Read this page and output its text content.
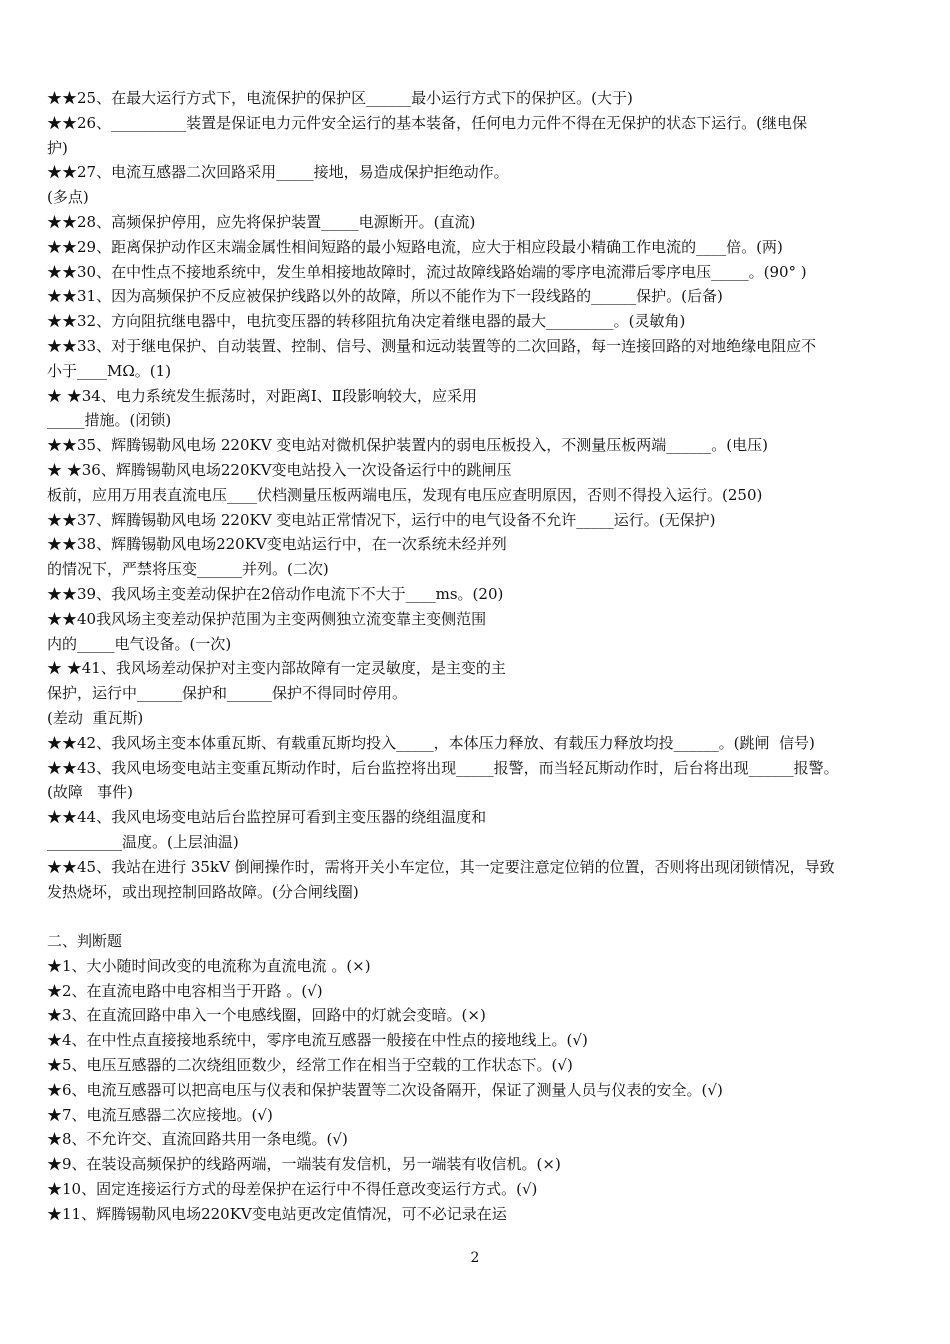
★★25、在最大运行方式下，电流保护的保护区______最小运行方式下的保护区。(大于)
★★26、__________装置是保证电力元件安全运行的基本装备，任何电力元件不得在无保护的状态下运行。(继电保
护)
★★27、电流互感器二次回路采用_____接地，易造成保护拒绝动作。
(多点)
★★28、高频保护停用，应先将保护装置_____电源断开。(直流)
★★29、距离保护动作区末端金属性相间短路的最小短路电流，应大于相应段最小精确工作电流的____倍。(两)
★★30、在中性点不接地系统中，发生单相接地故障时，流过故障线路始端的零序电流滞后零序电压_____。(90° )
★★31、因为高频保护不反应被保护线路以外的故障，所以不能作为下一段线路的______保护。(后备)
★★32、方向阻抗继电器中，电抗变压器的转移阻抗角决定着继电器的最大_________。(灵敏角)
★★33、对于继电保护、自动装置、控制、信号、测量和远动装置等的二次回路，每一连接回路的对地绝缘电阻应不
小于____MΩ。(1)
★ ★34、电力系统发生振荡时，对距离Ⅰ、Ⅱ段影响较大，应采用
_____措施。(闭锁)
★★35、辉腾锡勒风电场 220KV 变电站对微机保护装置内的弱电压板投入，不测量压板两端______。(电压)
★ ★36、辉腾锡勒风电场220KV变电站投入一次设备运行中的跳闸压
板前，应用万用表直流电压____伏档测量压板两端电压，发现有电压应查明原因，否则不得投入运行。(250)
★★37、辉腾锡勒风电场 220KV 变电站正常情况下，运行中的电气设备不允许_____运行。(无保护)
★★38、辉腾锡勒风电场220KV变电站运行中，在一次系统未经并列
的情况下，严禁将压变______并列。(二次)
★★39、我风场主变差动保护在2倍动作电流下不大于____ms。(20)
★★40我风场主变差动保护范围为主变两侧独立流变靠主变侧范围
内的_____电气设备。(一次)
★ ★41、我风场差动保护对主变内部故障有一定灵敏度，是主变的主
保护，运行中______保护和______保护不得同时停用。
(差动  重瓦斯)
★★42、我风场主变本体重瓦斯、有载重瓦斯均投入_____，本体压力释放、有载压力释放均投______。(跳闸  信号)
★★43、我风电场变电站主变重瓦斯动作时，后台监控将出现_____报警，而当轻瓦斯动作时，后台将出现______报警。
(故障   事件)
★★44、我风电场变电站后台监控屏可看到主变压器的绕组温度和
__________温度。(上层油温)
★★45、我站在进行 35kV 倒闸操作时，需将开关小车定位，其一定要注意定位销的位置，否则将出现闭锁情况，导致
发热烧坏，或出现控制回路故障。(分合闸线圈)
二、判断题
★1、大小随时间改变的电流称为直流电流 。(×)
★2、在直流电路中电容相当于开路 。(√)
★3、在直流回路中串入一个电感线圈，回路中的灯就会变暗。(×)
★4、在中性点直接接地系统中，零序电流互感器一般接在中性点的接地线上。(√)
★5、电压互感器的二次绕组匝数少，经常工作在相当于空载的工作状态下。(√)
★6、电流互感器可以把高电压与仪表和保护装置等二次设备隔开，保证了测量人员与仪表的安全。(√)
★7、电流互感器二次应接地。(√)
★8、不允许交、直流回路共用一条电缆。(√)
★9、在装设高频保护的线路两端，一端装有发信机，另一端装有收信机。(×)
★10、固定连接运行方式的母差保护在运行中不得任意改变运行方式。(√)
★11、辉腾锡勒风电场220KV变电站更改定值情况，可不必记录在运
2
